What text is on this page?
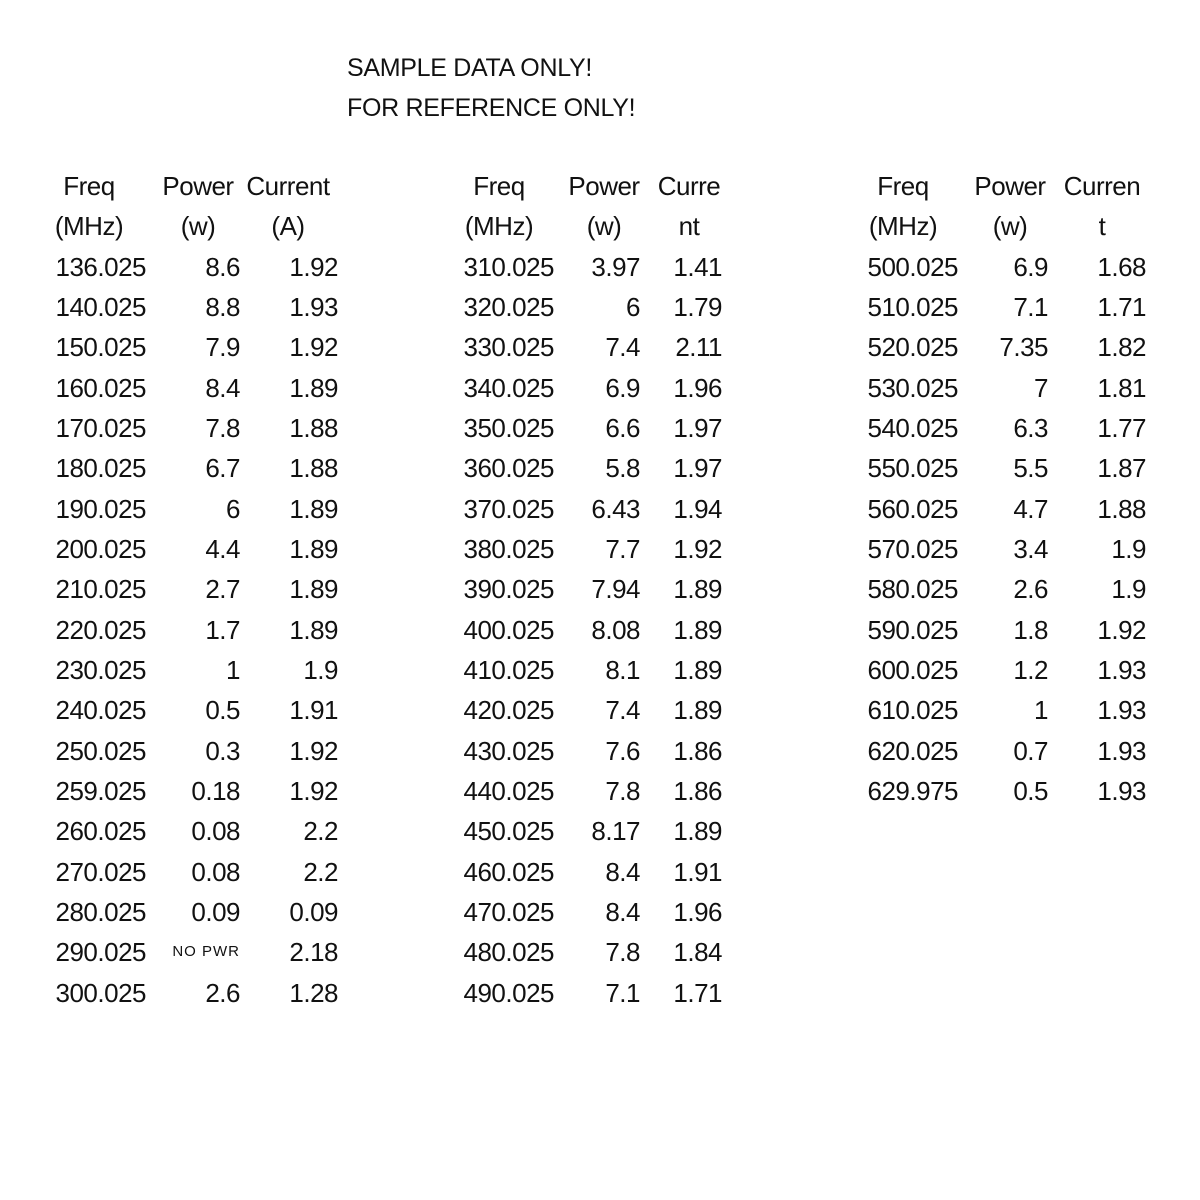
SAMPLE DATA ONLY!
FOR REFERENCE ONLY!
Freq	Power Current
(MHz)	(w)	(A)
136.025	8.6	1.92
140.025	8.8	1.93
150.025	7.9	1.92
160.025	8.4	1.89
170.025	7.8	1.88
180.025	6.7	1.88
190.025	6	1.89
200.025	4.4	1.89
210.025	2.7	1.89
220.025	1.7	1.89
230.025	1	1.9
240.025	0.5	1.91
250.025	0.3	1.92
259.025	0.18	1.92
260.025	0.08	2.2
270.025	0.08	2.2
280.025	0.09	0.09
290.025 NO PWR	2.18
300.025	2.6	1.28
Freq	Power Curre
(MHz)	(w)	nt
310.025	3.97	1.41
320.025	6	1.79
330.025	7.4	2.11
340.025	6.9	1.96
350.025	6.6	1.97
360.025	5.8	1.97
370.025	6.43	1.94
380.025	7.7	1.92
390.025	7.94	1.89
400.025	8.08	1.89
410.025	8.1	1.89
420.025	7.4	1.89
430.025	7.6	1.86
440.025	7.8	1.86
450.025	8.17	1.89
460.025	8.4	1.91
470.025	8.4	1.96
480.025	7.8	1.84
490.025	7.1	1.71
Freq	Power Curren
(MHz)	(w)	t
500.025	6.9	1.68
510.025	7.1	1.71
520.025	7.35	1.82
530.025	7	1.81
540.025	6.3	1.77
550.025	5.5	1.87
560.025	4.7	1.88
570.025	3.4	1.9
580.025	2.6	1.9
590.025	1.8	1.92
600.025	1.2	1.93
610.025	1	1.93
620.025	0.7	1.93
629.975	0.5	1.93
